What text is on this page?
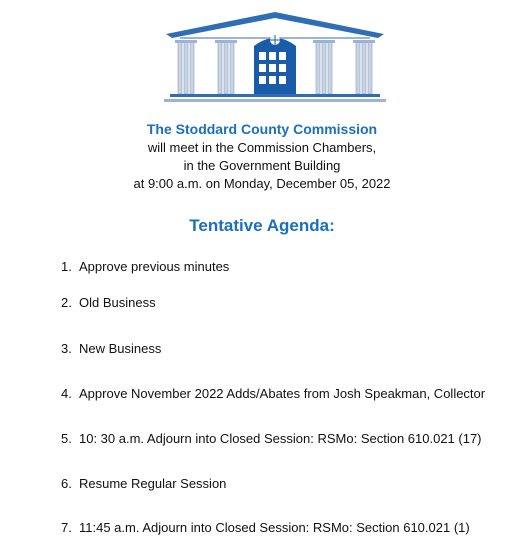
The Stoddard County Commission
will meet in the Commission Chambers,
in the Government Building
at 9:00 a.m. on Monday, December 05, 2022
Tentative Agenda:
1. Approve previous minutes
2. Old Business
3. New Business
4. Approve November 2022 Adds/Abates from Josh Speakman, Collector
5. 10: 30 a.m. Adjourn into Closed Session: RSMo: Section 610.021 (17)
6. Resume Regular Session
7. 11:45 a.m. Adjourn into Closed Session: RSMo: Section 610.021 (1)
